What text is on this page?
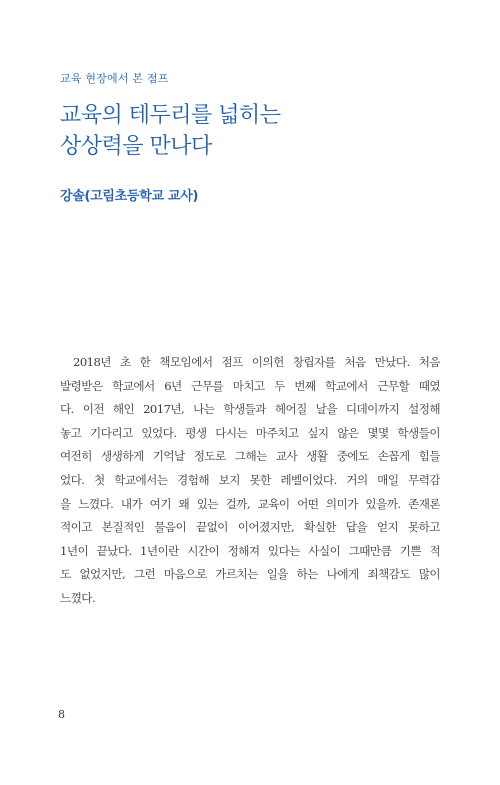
교육 현장에서 본 점프
교육의 테두리를 넓히는
상상력을 만나다
강솔(고림초등학교 교사)
2018년 초 한 책모임에서 점프 이의헌 창립자를 처음 만났다. 처음
발령받은 학교에서 6년 근무를 마치고 두 번째 학교에서 근무할 때였
다. 이전 해인 2017년, 나는 학생들과 헤어질 날을 디데이까지 설정해
놓고 기다리고 있었다. 평생 다시는 마주치고 싶지 않은 몇몇 학생들이
여전히 생생하게 기억날 정도로 그해는 교사 생활 중에도 손꼽게 힘들
었다. 첫 학교에서는 경험해 보지 못한 레벨이었다. 거의 매일 무력감
을 느꼈다. 내가 여기 왜 있는 걸까, 교육이 어떤 의미가 있을까. 존재론
적이고 본질적인 물음이 끝없이 이어졌지만, 확실한 답을 얻지 못하고
1년이 끝났다. 1년이란 시간이 정해져 있다는 사실이 그때만큼 기쁜 적
도 없었지만, 그런 마음으로 가르치는 일을 하는 나에게 죄책감도 많이
느꼈다.
8
